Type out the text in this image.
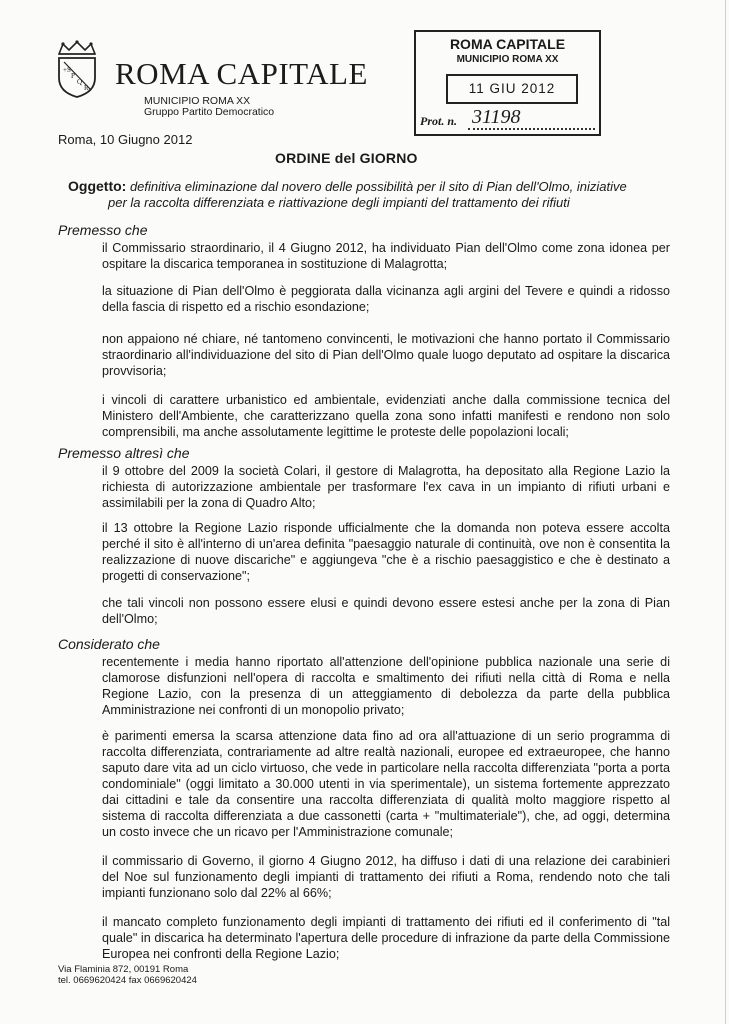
+S
P
Q
R ROMA CAPITALE
MUNICIPIO ROMA XX
Gruppo Partito Democratico
ROMA CAPITALE
MUNICIPIO ROMA XX
11 GIU 2012
Prot. n. 31198
Roma, 10 Giugno 2012
ORDINE del GIORNO
Oggetto: definitiva eliminazione dal novero delle possibilità per il sito di Pian dell'Olmo, iniziative
per la raccolta differenziata e riattivazione degli impianti del trattamento dei rifiuti
Premesso che

il Commissario straordinario, il 4 Giugno 2012, ha individuato Pian dell'Olmo come zona idonea per ospitare la discarica temporanea in sostituzione di Malagrotta;

la situazione di Pian dell'Olmo è peggiorata dalla vicinanza agli argini del Tevere e quindi a ridosso della fascia di rispetto ed a rischio esondazione;

non appaiono né chiare, né tantomeno convincenti, le motivazioni che hanno portato il Commissario straordinario all'individuazione del sito di Pian dell'Olmo quale luogo deputato ad ospitare la discarica provvisoria;

i vincoli di carattere urbanistico ed ambientale, evidenziati anche dalla commissione tecnica del Ministero dell'Ambiente, che caratterizzano quella zona sono infatti manifesti e rendono non solo comprensibili, ma anche assolutamente legittime le proteste delle popolazioni locali;

Premesso altresì che

il 9 ottobre del 2009 la società Colari, il gestore di Malagrotta, ha depositato alla Regione Lazio la richiesta di autorizzazione ambientale per trasformare l'ex cava in un impianto di rifiuti urbani e assimilabili per la zona di Quadro Alto;

il 13 ottobre la Regione Lazio risponde ufficialmente che la domanda non poteva essere accolta perché il sito è all'interno di un'area definita "paesaggio naturale di continuità, ove non è consentita la realizzazione di nuove discariche" e aggiungeva "che è a rischio paesaggistico e che è destinato a progetti di conservazione";

che tali vincoli non possono essere elusi e quindi devono essere estesi anche per la zona di Pian dell'Olmo;

Considerato che

recentemente i media hanno riportato all'attenzione dell'opinione pubblica nazionale una serie di clamorose disfunzioni nell'opera di raccolta e smaltimento dei rifiuti nella città di Roma e nella Regione Lazio, con la presenza di un atteggiamento di debolezza da parte della pubblica Amministrazione nei confronti di un monopolio privato;

è parimenti emersa la scarsa attenzione data fino ad ora all'attuazione di un serio programma di raccolta differenziata, contrariamente ad altre realtà nazionali, europee ed extraeuropee, che hanno saputo dare vita ad un ciclo virtuoso, che vede in particolare nella raccolta differenziata "porta a porta condominiale" (oggi limitato a 30.000 utenti in via sperimentale), un sistema fortemente apprezzato dai cittadini e tale da consentire una raccolta differenziata di qualità molto maggiore rispetto al sistema di raccolta differenziata a due cassonetti (carta + "multimateriale"), che, ad oggi, determina un costo invece che un ricavo per l'Amministrazione comunale;

il commissario di Governo, il giorno 4 Giugno 2012, ha diffuso i dati di una relazione dei carabinieri del Noe sul funzionamento degli impianti di trattamento dei rifiuti a Roma, rendendo noto che tali impianti funzionano solo dal 22% al 66%;

il mancato completo funzionamento degli impianti di trattamento dei rifiuti ed il conferimento di "tal quale" in discarica ha determinato l'apertura delle procedure di infrazione da parte della Commissione Europea nei confronti della Regione Lazio;

Via Flaminia 872, 00191 Roma
tel. 0669620424 fax 0669620424
